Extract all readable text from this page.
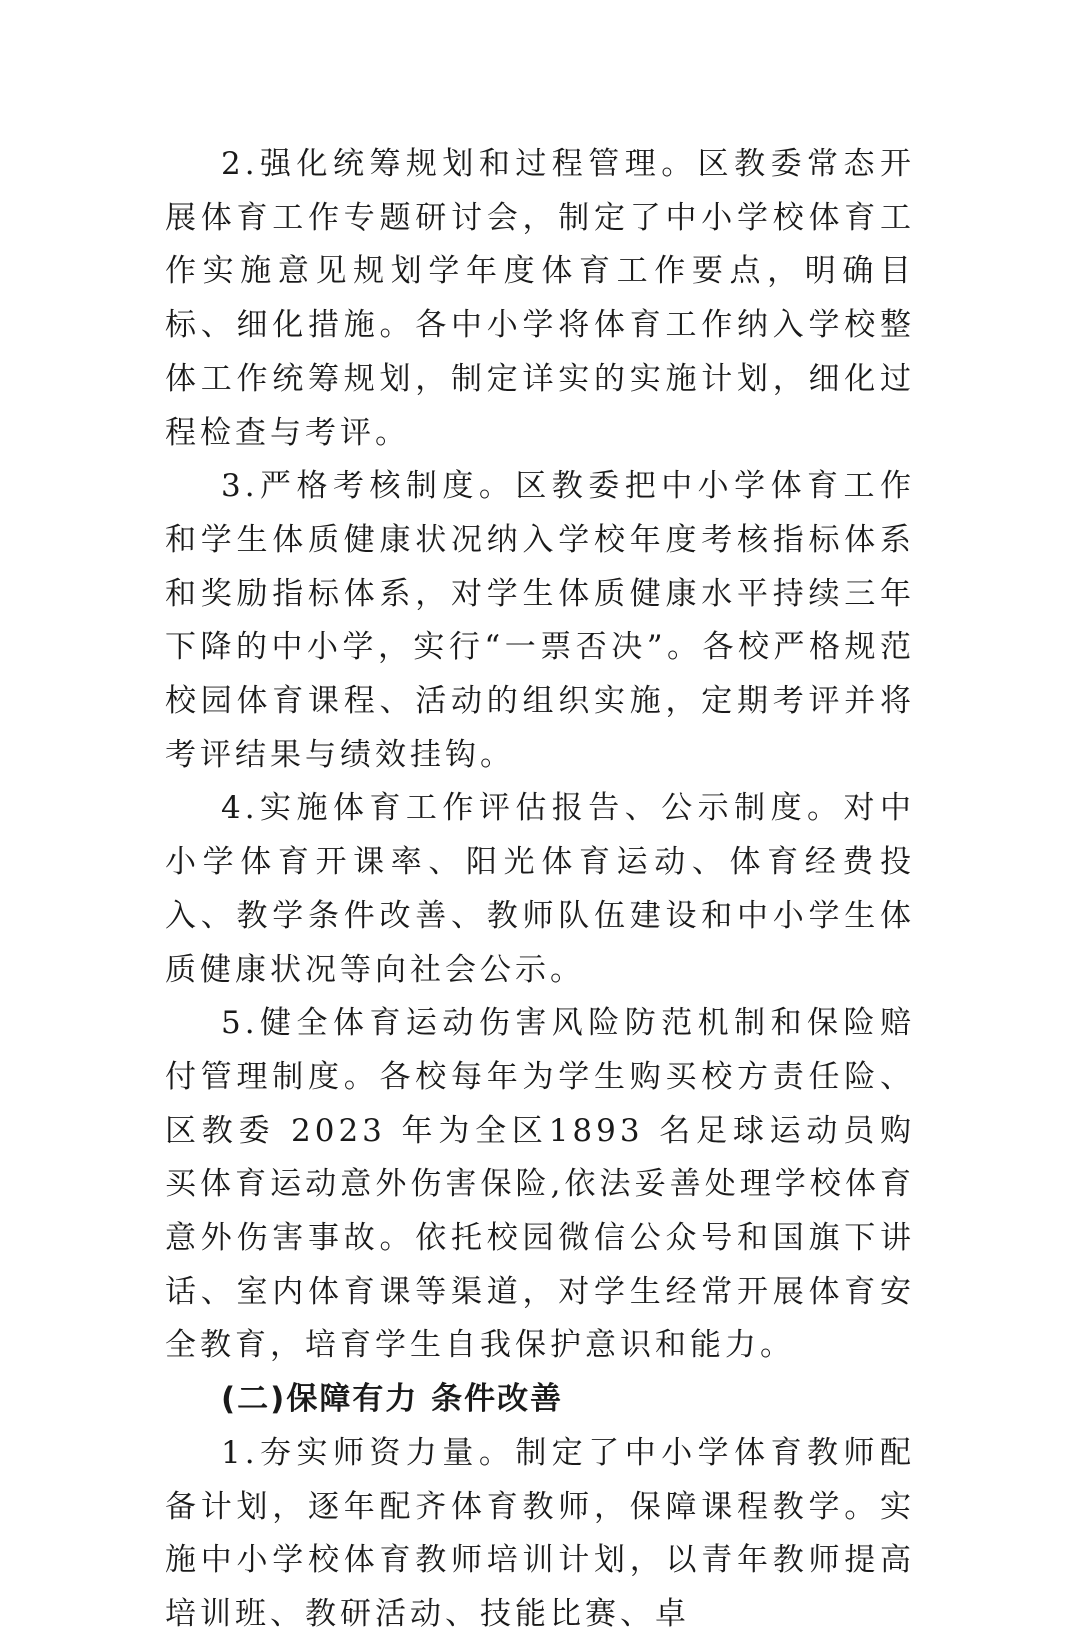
2.强化统筹规划和过程管理。区教委常态开展体育工作专题研讨会，制定了中小学校体育工作实施意见规划学年度体育工作要点，明确目标、细化措施。各中小学将体育工作纳入学校整体工作统筹规划，制定详实的实施计划，细化过程检查与考评。

3.严格考核制度。区教委把中小学体育工作和学生体质健康状况纳入学校年度考核指标体系和奖励指标体系，对学生体质健康水平持续三年下降的中小学，实行“一票否决”。各校严格规范校园体育课程、活动的组织实施，定期考评并将考评结果与绩效挂钩。

4.实施体育工作评估报告、公示制度。对中小学体育开课率、阳光体育运动、体育经费投入、教学条件改善、教师队伍建设和中小学生体质健康状况等向社会公示。

5.健全体育运动伤害风险防范机制和保险赔付管理制度。各校每年为学生购买校方责任险、区教委 2023 年为全区1893 名足球运动员购买体育运动意外伤害保险,依法妥善处理学校体育意外伤害事故。依托校园微信公众号和国旗下讲话、室内体育课等渠道，对学生经常开展体育安全教育，培育学生自我保护意识和能力。

(二)保障有力 条件改善

1.夯实师资力量。制定了中小学体育教师配备计划，逐年配齐体育教师，保障课程教学。实施中小学校体育教师培训计划，以青年教师提高培训班、教研活动、技能比赛、卓
